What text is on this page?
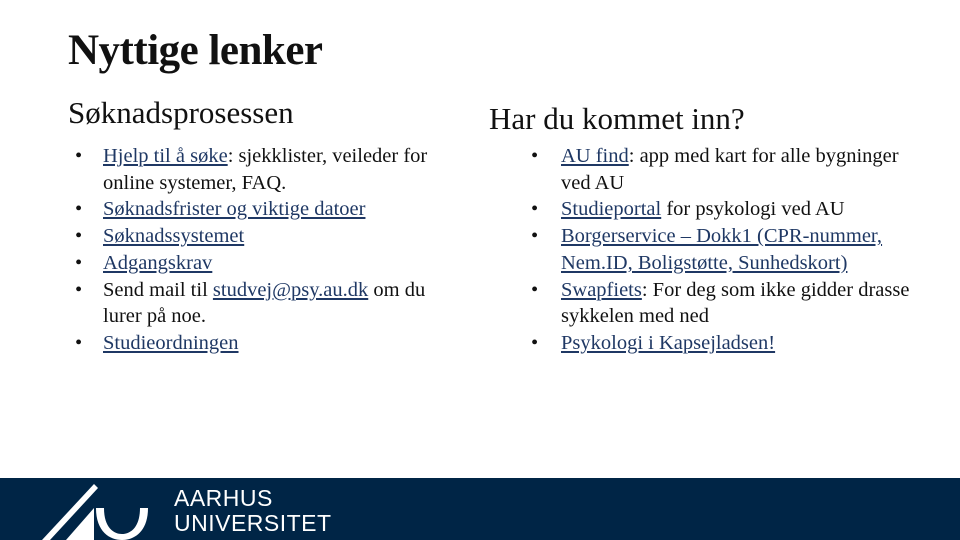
Nyttige lenker
Søknadsprosessen	Har du kommet inn?
• Hjelp til å søke: sjekklister, veileder for online systemer, FAQ.
• Søknadsfrister og viktige datoer
• Søknadssystemet
• Adgangskrav
• Send mail til studvej@psy.au.dk om du lurer på noe.
• Studieordningen
• AU find: app med kart for alle bygninger ved AU
• Studieportal for psykologi ved AU
• Borgerservice – Dokk1 (CPR-nummer, Nem.ID, Boligstøtte, Sunhedskort)
• Swapfiets: For deg som ikke gidder drasse sykkelen med ned
• Psykologi i Kapsejladsen!
AARHUS
UNIVERSITET
